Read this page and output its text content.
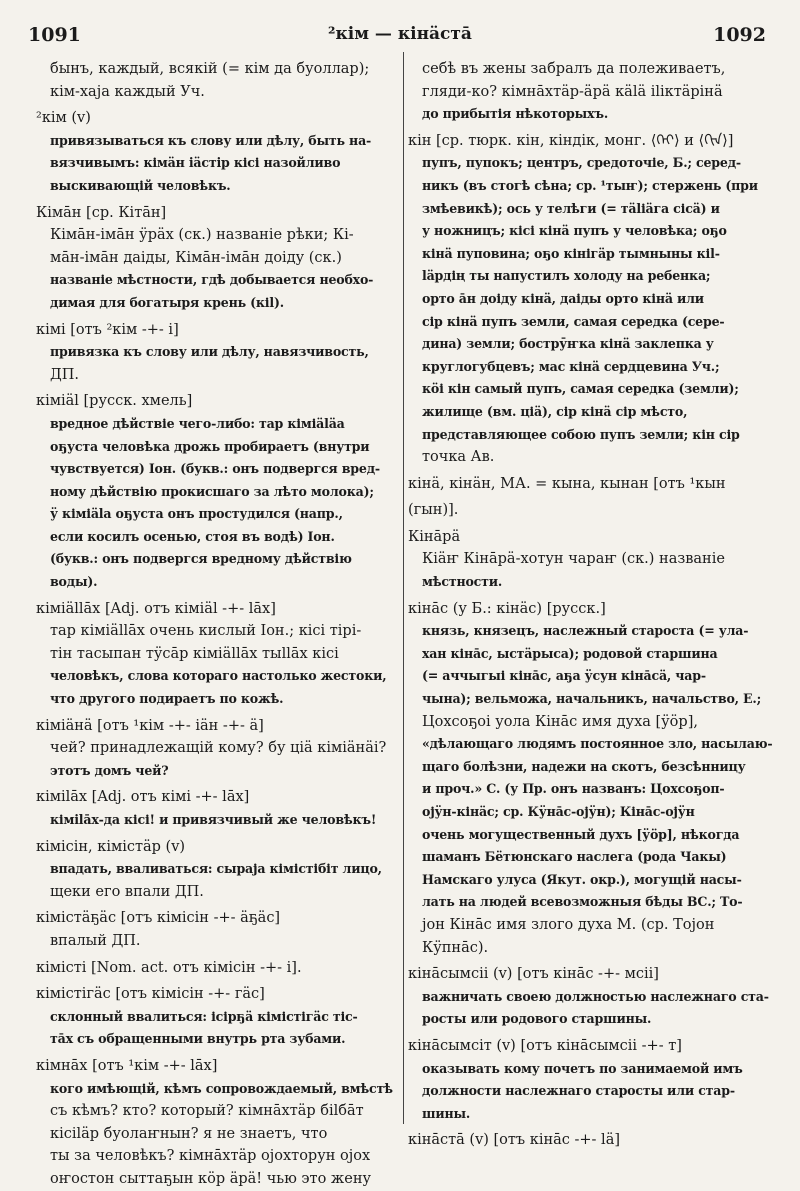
1091	²кім — кінäста̄	1092
бынъ, каждый, всякій (= кім да буоллар);
кім-хаја каждый Уч.
²кім (v)
привязываться къ слову или дѣлу, быть на-
вязчивымъ: кімäн iäстiр кісі назойливо
выскивающій человѣкъ.
Кіма̄н [ср. Кіта̄н]
Кіма̄н-іма̄н ӱрäх (ск.) названіе рѣки; Кі-
ма̄н-іма̄н даіды, Кіма̄н-іма̄н доіду (ск.)
названіе мѣстности, гдѣ добывается необхо-
димая для богатыря крень (кіl).
кімі [отъ ²кім -+- і]
привязка къ слову или дѣлу, навязчивость,
ДП.
кіміäl [русск. хмель]
вредное дѣйствіе чего-либо: тар кіміäläа
оҕуста человѣка дрожь пробираетъ (внутри
чувствуется) Іон. (букв.: онъ подвергся вред-
ному дѣйствію прокисшаго за лѣто молока);
ӱ кіміäla оҕуста онъ простудился (напр.,
если косилъ осенью, стоя въ водѣ) Іон.
(букв.: онъ подвергся вредному дѣйствію
воды).
кіміällа̄х [Adj. отъ кіміäl -+- lа̄х]
тар кіміällа̄х очень кислый Іон.; кісі тірі-
тін тасыпан тӱса̄р кіміällа̄х тыllа̄х кісі
человѣкъ, слова котораго настолько жестоки,
что другого подираетъ по кожѣ.
кіміäнä [отъ ¹кім -+- iäн -+- ä]
чей? принадлежащій кому? бу ціä кіміäнäі?
этотъ домъ чей?
кімilа̄х [Adj. отъ кімі -+- lа̄х]
кімilа̄х-да кісі! и привязчивый же человѣкъ!
кімісін, кімістäр (v)
впадать, вваливаться: сыраја кімістібіт лицо,
щеки его впали ДП.
кімістäҕäс [отъ кімісін -+- äҕäс]
впалый ДП.
кімісті [Nom. act. отъ кімісін -+- і].
кімістігäс [отъ кімісін -+- гäс]
склонный ввалиться: ісірҕä кімістігäс тіс-
та̄х съ обращенными внутрь рта зубами.
кімна̄х [отъ ¹кім -+- lа̄х]
кого имѣющій, кѣмъ сопровождаемый, вмѣстѣ
съ кѣмъ? кто? который? кімна̄хтäр біlба̄т
кісіläр буолаҥнын? я не знаетъ, что
ты за человѣкъ? кімна̄хтäр ојохторун ојох
оҥостон сыттаҕын кöр äрä! чью это жену
себѣ въ жены забралъ да полеживаетъ,
гляди-ко? кімна̄хтäр-äрä кälä іlіктäрінä
до прибытія нѣкоторыхъ.
кін [ср. тюрк. кін, кіндік, монг. ⟨ᠬᠡᠢ⟩ и ⟨ᠬᠢᠨ⟩]
пупъ, пупокъ; центръ, средоточіе, Б.; серед-
никъ (въ стогѣ сѣна; ср. ¹тыҥ); стержень (при
змѣевикѣ); ось у телѣги (= тälіäга сісä) и
у ножницъ; кісі кінä пупъ у человѣка; оҕо
кінä пуповина; оҕо кінігäр тымныны кіl-
läрдің ты напустилъ холоду на ребенка;
орто а̄н доіду кінä, даіды орто кінä или
сір кінä пупъ земли, самая середка (сере-
дина) земли; бострӯҥка кінä заклепка у
круглогубцевъ; мас кінä сердцевина Уч.;
кöі кін самый пупъ, самая середка (земли);
жилище (вм. ціä), сір кінä сір мѣсто,
представляющее собою пупъ земли; кін сір
точка Ав.
кінä, кінäн, МА. = кына, кынан [отъ ¹кын
(гын)].
Кіна̄рä
Кіäҥ Кіна̄рä-хотун чараҥ (ск.) названіе
мѣстности.
кіна̄с (у Б.: кінäс) [русск.]
князь, князецъ, наслежный староста (= ула-
хан кіна̄с, ыстäрыса); родовой старшина
(= аччыгыі кіна̄с, аҕа ӱсун кіна̄сä, чар-
чына); вельможа, начальникъ, начальство, Е.;
Цохсоҕоі уола Кіна̄с имя духа [ӱöр],
«дѣлающаго людямъ постоянное зло, насылаю-
щаго болѣзни, надежи на скотъ, безсѣнницу
и проч.» С. (у Пр. онъ названъ: Цохсоҕоп-
ојӱн-кінäс; ср. Кӱна̄с-ојӱн); Кіна̄с-ојӱн
очень могущественный духъ [ӱöр], нѣкогда
шаманъ Бётюнскаго наслега (рода Чакы)
Намскаго улуса (Якут. окр.), могущій насы-
лать на людей всевозможныя бѣды ВС.; То-
јон Кіна̄с имя злого духа М. (ср. Тојон
Кӱпна̄с).
кіна̄сымсіі (v) [отъ кіна̄с -+- мсіі]
важничать своею должностью наслежнаго ста-
росты или родового старшины.
кіна̄сымсіт (v) [отъ кіна̄сымсіі -+- т]
оказывать кому почетъ по занимаемой имъ
должности наслежнаго старосты или стар-
шины.
кіна̄ста̄ (v) [отъ кіна̄с -+- lä]
